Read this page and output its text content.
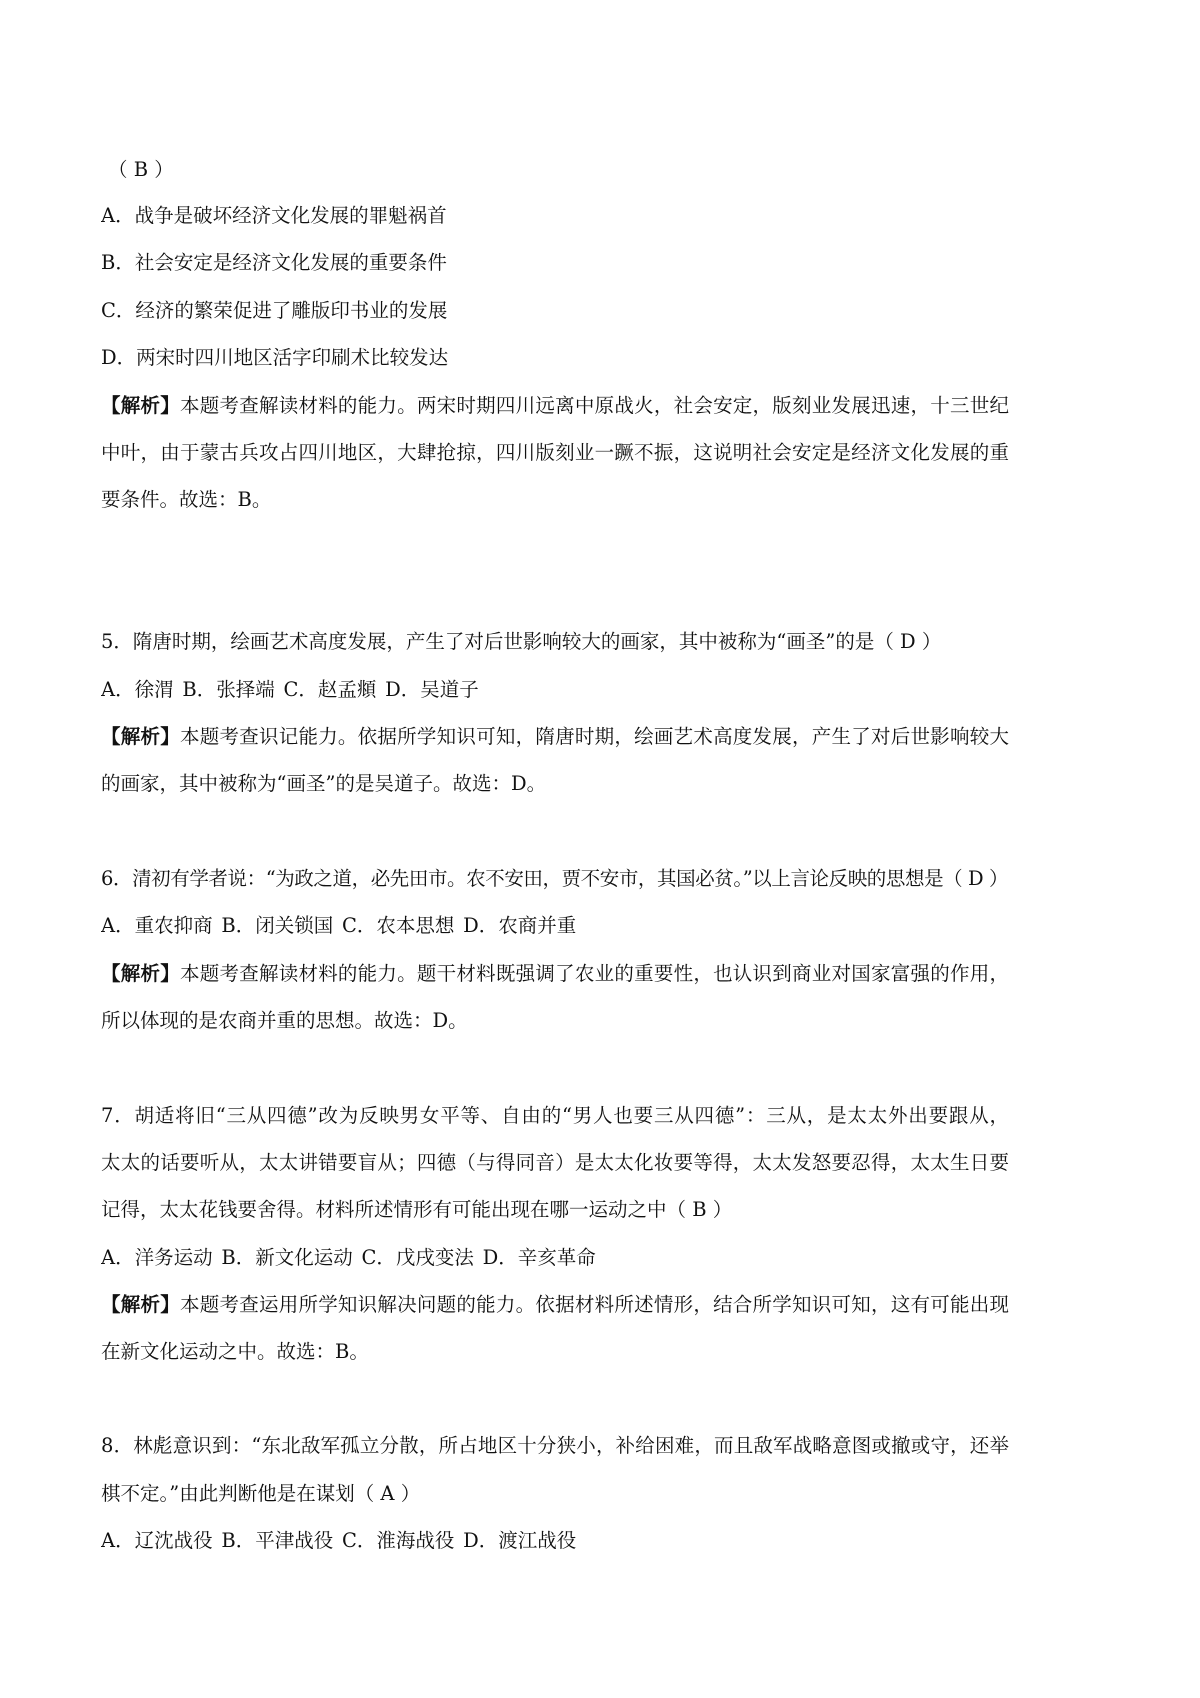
（ B ）
A．战争是破坏经济文化发展的罪魁祸首
B．社会安定是经济文化发展的重要条件
C．经济的繁荣促进了雕版印书业的发展
D．两宋时四川地区活字印刷术比较发达
【解析】本题考查解读材料的能力。两宋时期四川远离中原战火，社会安定，版刻业发展迅速，十三世纪
中叶，由于蒙古兵攻占四川地区，大肆抢掠，四川版刻业一蹶不振，这说明社会安定是经济文化发展的重
要条件。故选：B。
5．隋唐时期，绘画艺术高度发展，产生了对后世影响较大的画家，其中被称为“画圣”的是（ D ）
A．徐渭 B．张择端 C．赵孟頫 D．吴道子
【解析】本题考查识记能力。依据所学知识可知，隋唐时期，绘画艺术高度发展，产生了对后世影响较大
的画家，其中被称为“画圣”的是吴道子。故选：D。
6．清初有学者说：“为政之道，必先田市。农不安田，贾不安市，其国必贫。”以上言论反映的思想是（ D ）
A．重农抑商 B．闭关锁国 C．农本思想 D．农商并重
【解析】本题考查解读材料的能力。题干材料既强调了农业的重要性，也认识到商业对国家富强的作用，
所以体现的是农商并重的思想。故选：D。
7．胡适将旧“三从四德”改为反映男女平等、自由的“男人也要三从四德”：三从，是太太外出要跟从，
太太的话要听从，太太讲错要盲从；四德（与得同音）是太太化妆要等得，太太发怒要忍得，太太生日要
记得，太太花钱要舍得。材料所述情形有可能出现在哪一运动之中（ B ）
A．洋务运动 B．新文化运动 C．戊戌变法 D．辛亥革命
【解析】本题考查运用所学知识解决问题的能力。依据材料所述情形，结合所学知识可知，这有可能出现
在新文化运动之中。故选：B。
8．林彪意识到：“东北敌军孤立分散，所占地区十分狭小，补给困难，而且敌军战略意图或撤或守，还举
棋不定。”由此判断他是在谋划（ A ）
A．辽沈战役 B．平津战役 C．淮海战役 D．渡江战役
